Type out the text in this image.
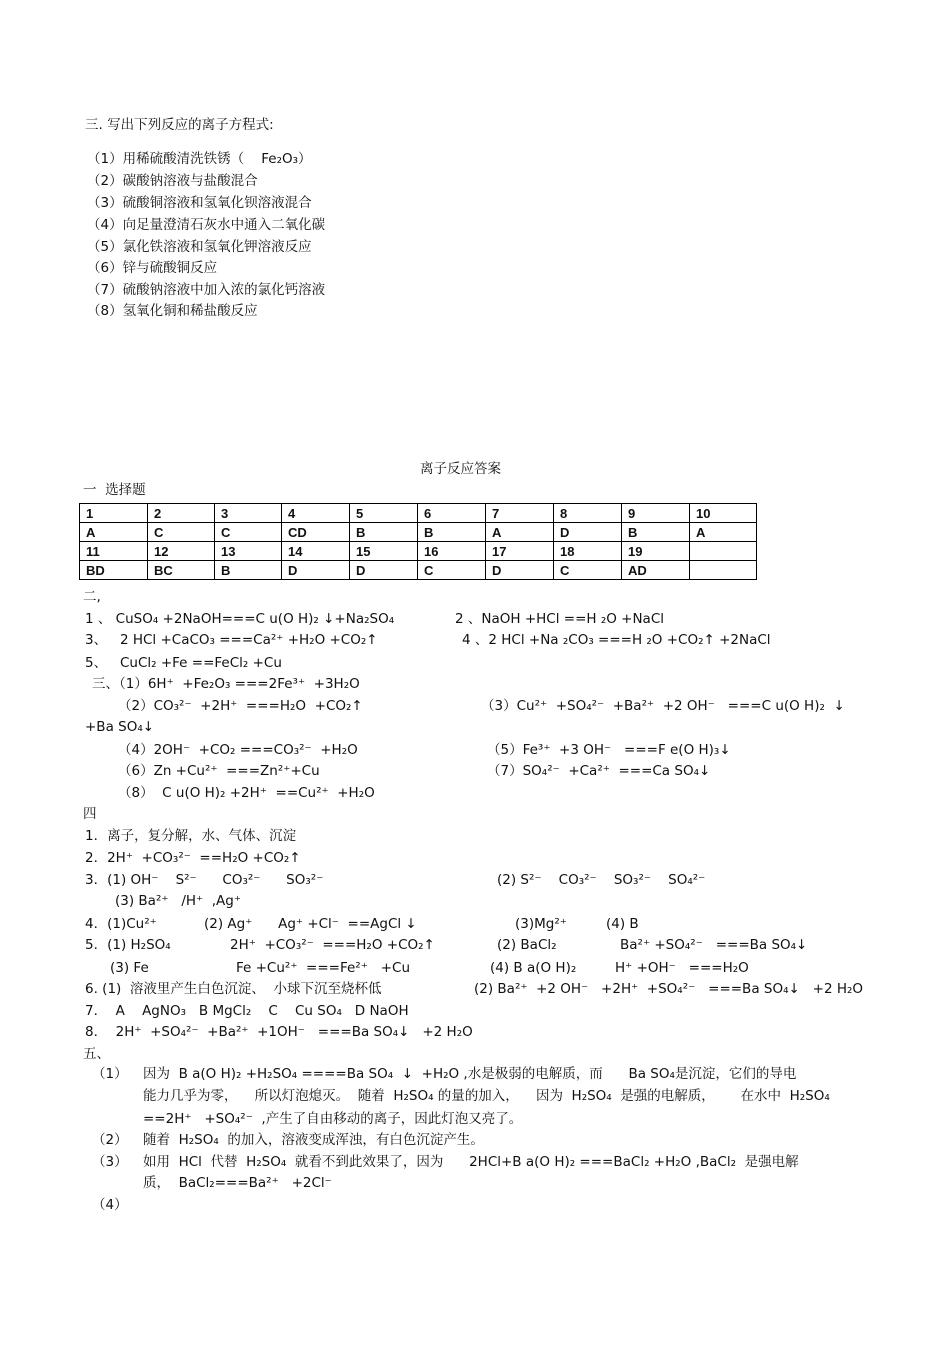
三. 写出下列反应的离子方程式:
（1）用稀硫酸清洗铁锈（    Fe₂O₃）
（2）碳酸钠溶液与盐酸混合
（3）硫酸铜溶液和氢氧化钡溶液混合
（4）向足量澄清石灰水中通入二氧化碳
（5）氯化铁溶液和氢氧化钾溶液反应
（6）锌与硫酸铜反应
（7）硫酸钠溶液中加入浓的氯化钙溶液
（8）氢氧化铜和稀盐酸反应
离子反应答案
一  选择题
1	2	3	4	5	6	7	8	9	10
A	C	C	CD	B	B	A	D	B	A
11	12	13	14	15	16	17	18	19	
BD	BC	B	D	D	C	D	C	AD	
二,
1 、 CuSO₄ +2NaOH===C u(O H)₂ ↓+Na₂SO₄	2 、NaOH +HCl ==H ₂O +NaCl
3、   2 HCl +CaCO₃ ===Ca²⁺ +H₂O +CO₂↑	4 、2 HCl +Na ₂CO₃ ===H ₂O +CO₂↑ +2NaCl
5、   CuCl₂ +Fe ==FeCl₂ +Cu
三、（1）6H⁺  +Fe₂O₃ ===2Fe³⁺  +3H₂O
（2）CO₃²⁻  +2H⁺  ===H₂O  +CO₂↑	（3）Cu²⁺  +SO₄²⁻  +Ba²⁺  +2 OH⁻   ===C u(O H)₂  ↓
+Ba SO₄↓
（4）2OH⁻  +CO₂ ===CO₃²⁻  +H₂O	（5）Fe³⁺  +3 OH⁻   ===F e(O H)₃↓
（6）Zn +Cu²⁺  ===Zn²⁺+Cu	（7）SO₄²⁻  +Ca²⁺  ===Ca SO₄↓
（8）  C u(O H)₂ +2H⁺  ==Cu²⁺  +H₂O
四
1．离子，复分解，水、气体、沉淀
2．2H⁺  +CO₃²⁻  ==H₂O +CO₂↑
3．(1) OH⁻    S²⁻      CO₃²⁻      SO₃²⁻	(2) S²⁻    CO₃²⁻    SO₃²⁻    SO₄²⁻
(3) Ba²⁺   /H⁺  ,Ag⁺
4．(1)Cu²⁺	(2) Ag⁺      Ag⁺ +Cl⁻  ==AgCl ↓	(3)Mg²⁺	(4) B
5．(1) H₂SO₄	2H⁺  +CO₃²⁻  ===H₂O +CO₂↑	(2) BaCl₂	Ba²⁺ +SO₄²⁻   ===Ba SO₄↓
(3) Fe	Fe +Cu²⁺  ===Fe²⁺   +Cu	(4) B a(O H)₂	H⁺ +OH⁻   ===H₂O
6. (1)  溶液里产生白色沉淀、  小球下沉至烧杯低	(2) Ba²⁺  +2 OH⁻   +2H⁺  +SO₄²⁻   ===Ba SO₄↓   +2 H₂O
7．  A    AgNO₃   B MgCl₂    C    Cu SO₄   D NaOH
8．  2H⁺  +SO₄²⁻  +Ba²⁺  +1OH⁻   ===Ba SO₄↓   +2 H₂O
五、
（1） 因为  B a(O H)₂ +H₂SO₄ ====Ba SO₄  ↓  +H₂O ,水是极弱的电解质，而      Ba SO₄是沉淀，它们的导电
能力几乎为零，    所以灯泡熄灭。  随着  H₂SO₄ 的量的加入，    因为  H₂SO₄  是强的电解质，      在水中  H₂SO₄
==2H⁺   +SO₄²⁻  ,产生了自由移动的离子，因此灯泡又亮了。
（2） 随着  H₂SO₄  的加入，溶液变成浑浊，有白色沉淀产生。
（3） 如用  HCl  代替  H₂SO₄  就看不到此效果了，因为      2HCl+B a(O H)₂ ===BaCl₂ +H₂O ,BaCl₂  是强电解
质，  BaCl₂===Ba²⁺   +2Cl⁻
（4）
